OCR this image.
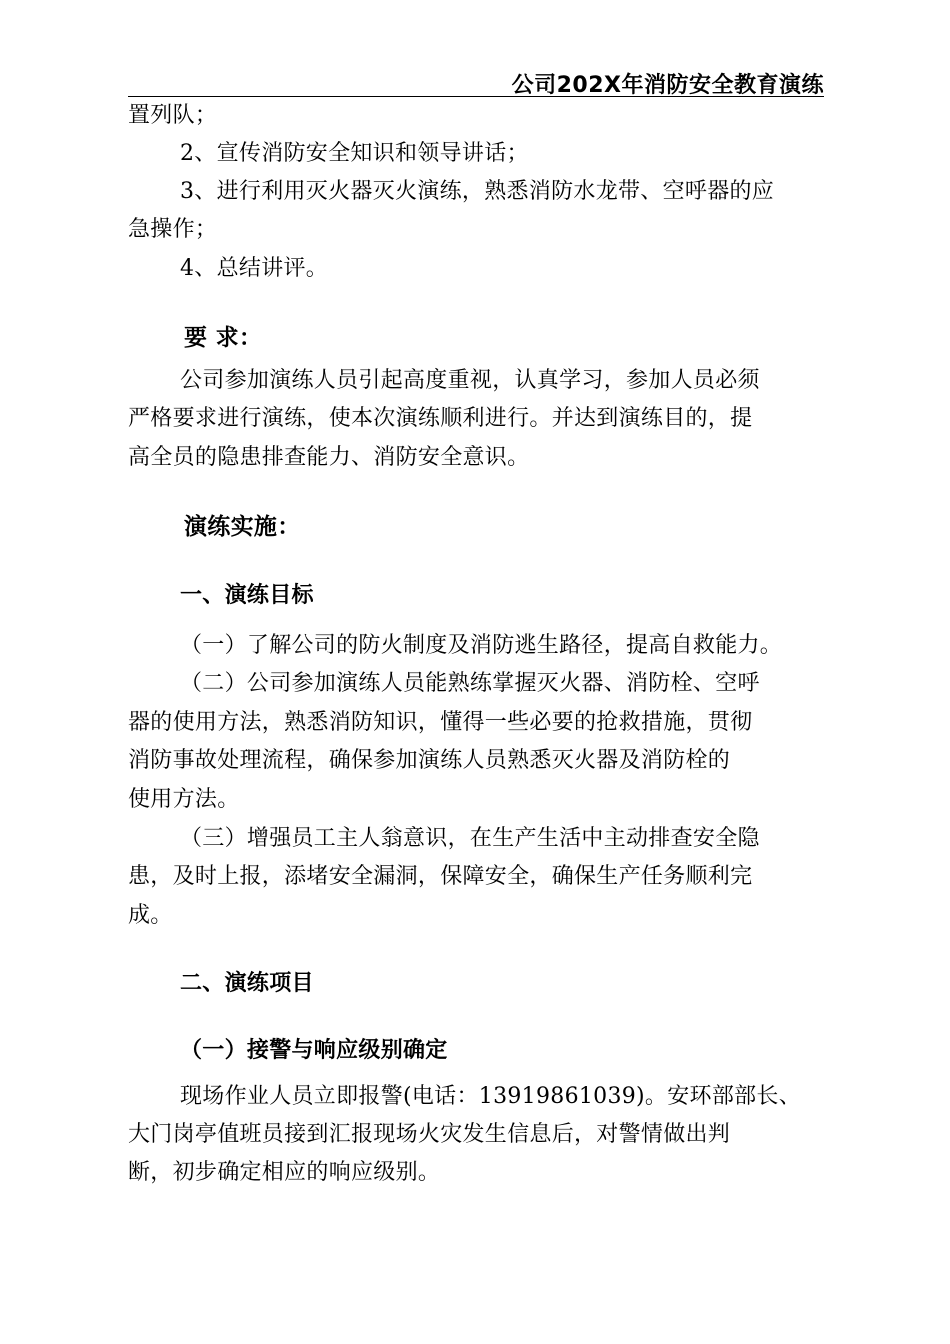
公司202X年消防安全教育演练
置列队；
2、宣传消防安全知识和领导讲话；
3、进行利用灭火器灭火演练，熟悉消防水龙带、空呼器的应
急操作；
4、总结讲评。
要 求：
公司参加演练人员引起高度重视，认真学习，参加人员必须
严格要求进行演练，使本次演练顺利进行。并达到演练目的，提
高全员的隐患排查能力、消防安全意识。
演练实施：
一、演练目标
（一）了解公司的防火制度及消防逃生路径，提高自救能力。
（二）公司参加演练人员能熟练掌握灭火器、消防栓、空呼
器的使用方法，熟悉消防知识，懂得一些必要的抢救措施，贯彻
消防事故处理流程，确保参加演练人员熟悉灭火器及消防栓的
使用方法。
（三）增强员工主人翁意识，在生产生活中主动排查安全隐
患，及时上报，添堵安全漏洞，保障安全，确保生产任务顺利完
成。
二、演练项目
（一）接警与响应级别确定
现场作业人员立即报警(电话：13919861039)。安环部部长、
大门岗亭值班员接到汇报现场火灾发生信息后，对警情做出判
断，初步确定相应的响应级别。
